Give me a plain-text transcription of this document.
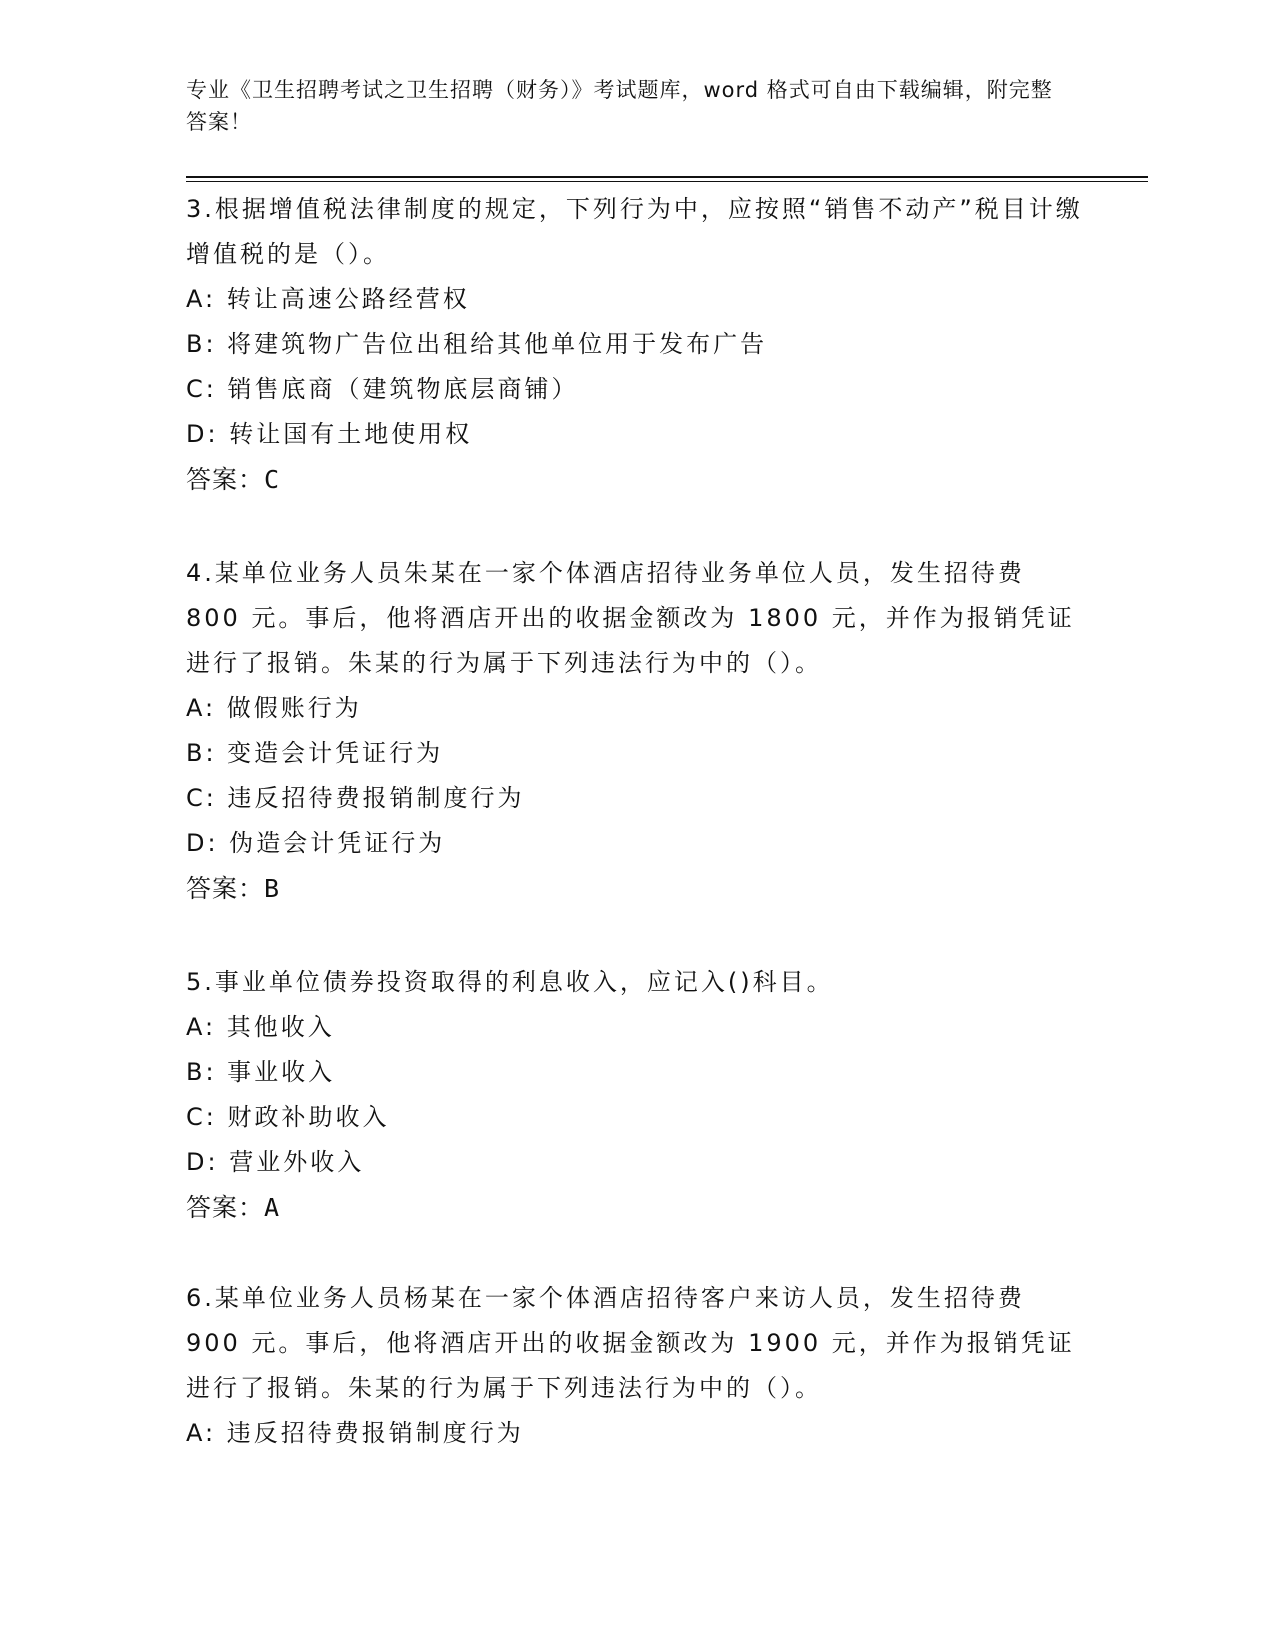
专业《卫生招聘考试之卫生招聘（财务）》考试题库，word 格式可自由下载编辑，附完整答案！

3.根据增值税法律制度的规定，下列行为中，应按照“销售不动产”税目计缴增值税的是（）。

A: 转让高速公路经营权

B: 将建筑物广告位出租给其他单位用于发布广告

C: 销售底商（建筑物底层商铺）

D: 转让国有土地使用权

答案：C

4.某单位业务人员朱某在一家个体酒店招待业务单位人员，发生招待费 800 元。事后，他将酒店开出的收据金额改为 1800 元，并作为报销凭证进行了报销。朱某的行为属于下列违法行为中的（）。

A: 做假账行为

B: 变造会计凭证行为

C: 违反招待费报销制度行为

D: 伪造会计凭证行为

答案：B

5.事业单位债券投资取得的利息收入，应记入()科目。

A: 其他收入

B: 事业收入

C: 财政补助收入

D: 营业外收入

答案：A

6.某单位业务人员杨某在一家个体酒店招待客户来访人员，发生招待费 900 元。事后，他将酒店开出的收据金额改为 1900 元，并作为报销凭证进行了报销。朱某的行为属于下列违法行为中的（）。

A: 违反招待费报销制度行为
